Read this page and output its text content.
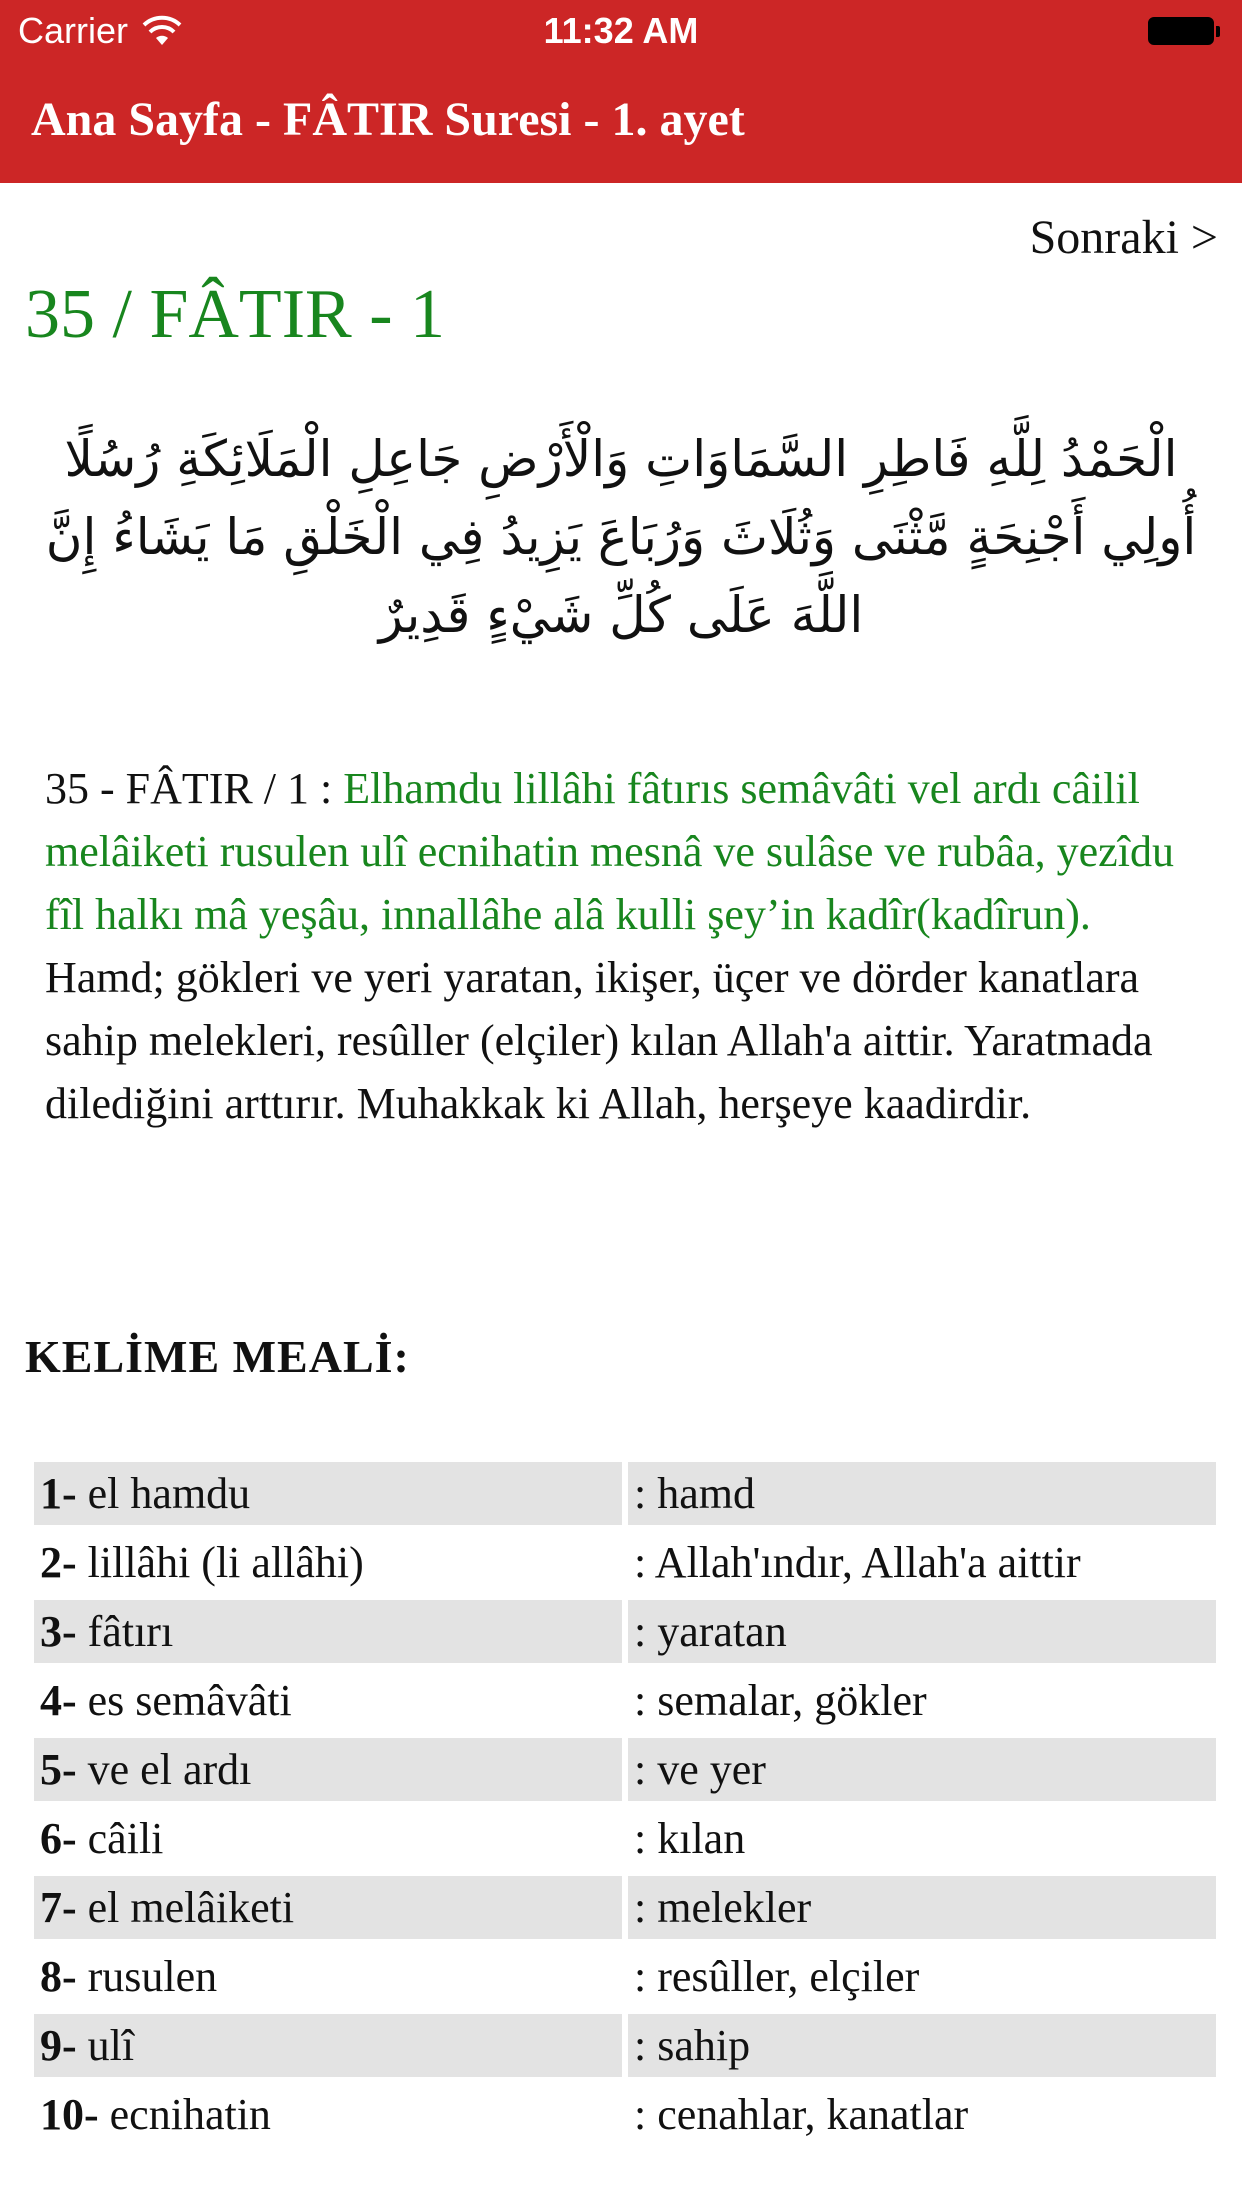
Carrier	11:32 AM
Ana Sayfa - FÂTIR Suresi - 1. ayet
Sonraki >
35 / FÂTIR - 1
الْحَمْدُ لِلَّهِ فَاطِرِ السَّمَاوَاتِ وَالْأَرْضِ جَاعِلِ الْمَلَائِكَةِ رُسُلًا أُولِي أَجْنِحَةٍ مَّثْنَى وَثُلَاثَ وَرُبَاعَ يَزِيدُ فِي الْخَلْقِ مَا يَشَاءُ إِنَّ اللَّهَ عَلَى كُلِّ شَيْءٍ قَدِيرٌ
35 - FÂTIR / 1 : Elhamdu lillâhi fâtırıs semâvâti vel ardı câilil melâiketi rusulen ulî ecnihatin mesnâ ve sulâse ve rubâa, yezîdu fîl halkı mâ yeşâu, innallâhe alâ kulli şey’in kadîr(kadîrun).
Hamd; gökleri ve yeri yaratan, ikişer, üçer ve dörder kanatlara sahip melekleri, resûller (elçiler) kılan Allah'a aittir. Yaratmada dilediğini arttırır. Muhakkak ki Allah, herşeye kaadirdir.
KELİME MEALİ:
1- el hamdu	: hamd
2- lillâhi (li allâhi)	: Allah'ındır, Allah'a aittir
3- fâtırı	: yaratan
4- es semâvâti	: semalar, gökler
5- ve el ardı	: ve yer
6- câili	: kılan
7- el melâiketi	: melekler
8- rusulen	: resûller, elçiler
9- ulî	: sahip
10- ecnihatin	: cenahlar, kanatlar
